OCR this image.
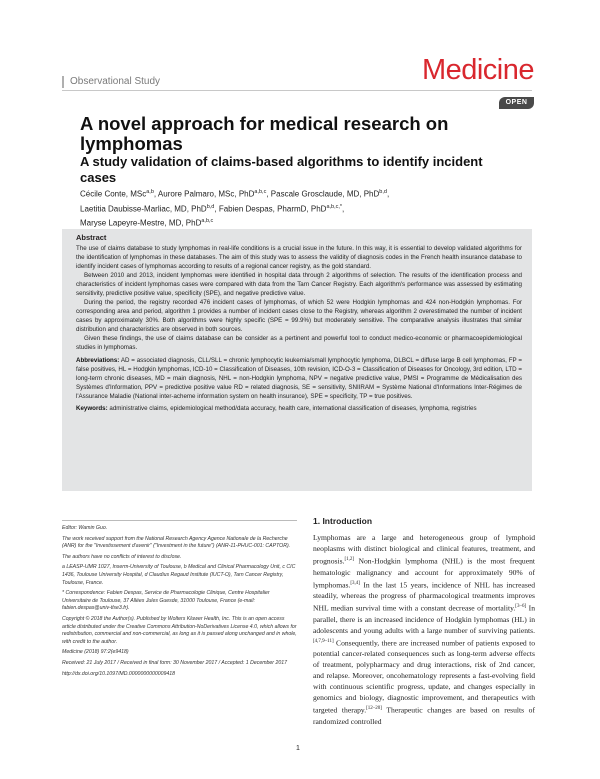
Observational Study	Medicine
OPEN
A novel approach for medical research on lymphomas
A study validation of claims-based algorithms to identify incident cases
Cécile Conte, MSc$^{a,b}$, Aurore Palmaro, MSc, PhD$^{a,b,c}$, Pascale Grosclaude, MD, PhD$^{b,d}$,
Laetitia Daubisse-Marliac, MD, PhD$^{b,d}$, Fabien Despas, PharmD, PhD$^{a,b,c,*}$,
Maryse Lapeyre-Mestre, MD, PhD$^{a,b,c}$
Abstract

The use of claims database to study lymphomas in real-life conditions is a crucial issue in the future. In this way, it is essential to develop validated algorithms for the identification of lymphomas in these databases. The aim of this study was to assess the validity of diagnosis codes in the French health insurance database to identify incident cases of lymphomas according to results of a regional cancer registry, as the gold standard.

Between 2010 and 2013, incident lymphomas were identified in hospital data through 2 algorithms of selection. The results of the identification process and characteristics of incident lymphomas cases were compared with data from the Tarn Cancer Registry. Each algorithm's performance was assessed by estimating sensitivity, predictive positive value, specificity (SPE), and negative predictive value.

During the period, the registry recorded 476 incident cases of lymphomas, of which 52 were Hodgkin lymphomas and 424 non-Hodgkin lymphomas. For corresponding area and period, algorithm 1 provides a number of incident cases close to the Registry, whereas algorithm 2 overestimated the number of incident cases by approximately 30%. Both algorithms were highly specific (SPE = 99.9%) but moderately sensitive. The comparative analysis illustrates that similar distribution and characteristics are observed in both sources.

Given these findings, the use of claims database can be consider as a pertinent and powerful tool to conduct medico-economic or pharmacoepidemiological studies in lymphomas.

Abbreviations: AD = associated diagnosis, CLL/SLL = chronic lymphocytic leukemia/small lymphocytic lymphoma, DLBCL = diffuse large B cell lymphomas, FP = false positives, HL = Hodgkin lymphomas, ICD-10 = Classification of Diseases, 10th revision, ICD-O-3 = Classification of Diseases for Oncology, 3rd edition, LTD = long-term chronic diseases, MD = main diagnosis, NHL = non-Hodgkin lymphoma, NPV = negative predictive value, PMSI = Programme de Médicalisation des Systèmes d'Information, PPV = predictive positive value RD = related diagnosis, SE = sensitivity, SNIIRAM = Système National d'Informations Inter-Régimes de l'Assurance Maladie (National inter-acheme information system on health insurance), SPE = specificity, TP = true positives.

Keywords: administrative claims, epidemiological method/data accuracy, health care, international classification of diseases, lymphoma, registries

Editor: Wamin Guo.

The work received support from the National Research Agency Agence Nationale de la Recherche (ANR) for the "Investissement d'avenir" ("Investment in the future") (ANR-11-PHUC-001: CAPTOR).

The authors have no conflicts of interest to disclose.

a LEASP-UMR 1027, Inserm-University of Toulouse, b Medical and Clinical Pharmacology Unit, c CIC 1436, Toulouse University Hospital, d Claudius Regaud Institute (IUCT-O), Tarn Cancer Registry, Toulouse, France.

* Correspondence: Fabien Despas, Service de Pharmacologie Clinique, Centre Hospitalier Universitaire de Toulouse, 37 Allées Jules Guesde, 31000 Toulouse, France (e-mail: fabien.despas@univ-tlse3.fr).

Copyright © 2018 the Author(s). Published by Wolters Kluwer Health, Inc. This is an open access article distributed under the Creative Commons Attribution-NoDerivatives License 4.0, which allows for redistribution, commercial and non-commercial, as long as it is passed along unchanged and in whole, with credit to the author.

Medicine (2018) 97:2(e9418)

Received: 21 July 2017 / Received in final form: 30 November 2017 / Accepted: 1 December 2017

http://dx.doi.org/10.1097/MD.0000000000009418

1. Introduction

Lymphomas are a large and heterogeneous group of lymphoid neoplasms with distinct biological and clinical features, treatment, and prognosis.[1,2] Non-Hodgkin lymphoma (NHL) is the most frequent hematologic malignancy and account for approximately 90% of lymphomas.[3,4] In the last 15 years, incidence of NHL has increased steadily, whereas the progress of pharmacological treatments improves NHL median survival time with a constant decrease of mortality.[3–6] In parallel, there is an increased incidence of Hodgkin lymphomas (HL) in adolescents and young adults with a large number of surviving patients.[4,7,9–11] Consequently, there are increased number of patients exposed to potential cancer-related consequences such as long-term adverse effects of treatment, polypharmacy and drug interactions, risk of 2nd cancer, and relapse. Moreover, oncohematology represents a fast-evolving field with continuous scientific progress, update, and changes especially in genomics and biology, diagnostic improvement, and therapeutics with targeted therapy.[12–20] Therapeutic changes are based on results of randomized controlled

1
